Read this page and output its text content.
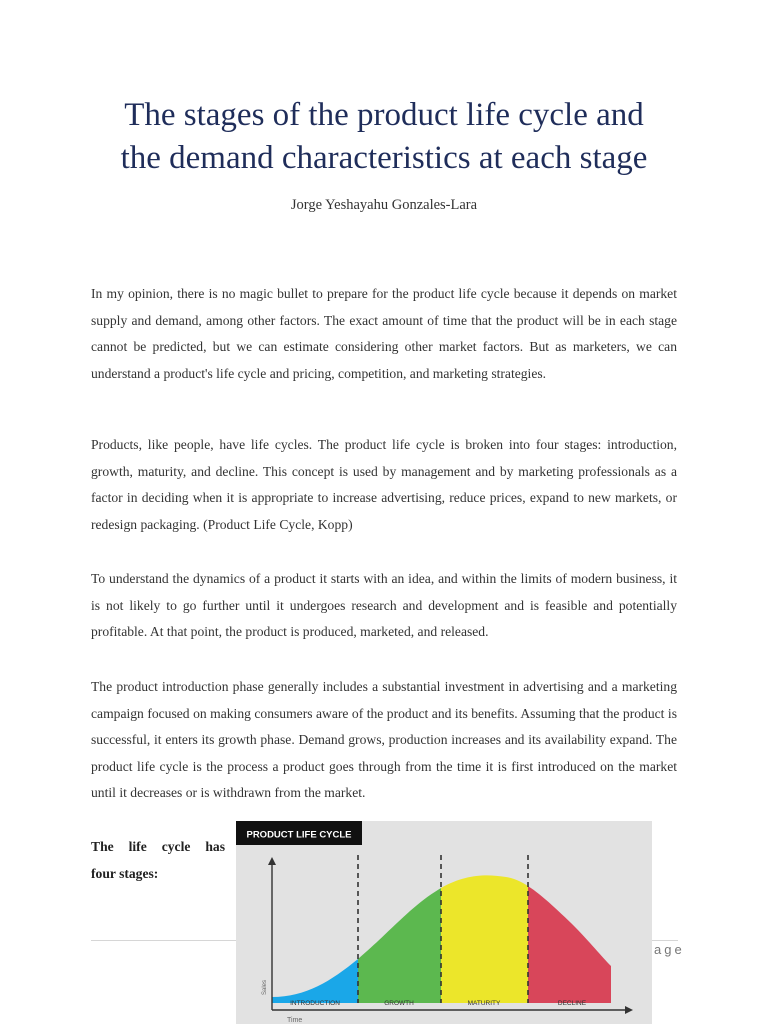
The stages of the product life cycle and
the demand characteristics at each stage
Jorge Yeshayahu Gonzales-Lara

In my opinion, there is no magic bullet to prepare for the product life cycle because it depends on market supply and demand, among other factors. The exact amount of time that the product will be in each stage cannot be predicted, but we can estimate considering other market factors. But as marketers, we can understand a product's life cycle and pricing, competition, and marketing strategies.

Products, like people, have life cycles. The product life cycle is broken into four stages: introduction, growth, maturity, and decline. This concept is used by management and by marketing professionals as a factor in deciding when it is appropriate to increase advertising, reduce prices, expand to new markets, or redesign packaging. (Product Life Cycle, Kopp)

To understand the dynamics of a product it starts with an idea, and within the limits of modern business, it is not likely to go further until it undergoes research and development and is feasible and potentially profitable. At that point, the product is produced, marketed, and released.

The product introduction phase generally includes a substantial investment in advertising and a marketing campaign focused on making consumers aware of the product and its benefits. Assuming that the product is successful, it enters its growth phase. Demand grows, production increases and its availability expand. The product life cycle is the process a product goes through from the time it is first introduced on the market until it decreases or is withdrawn from the market.

The life cycle has

four stages:

age
PRODUCT LIFE CYCLE
INTRODUCTION	GROWTH	MATURITY	DECLINE
Sales
Time
